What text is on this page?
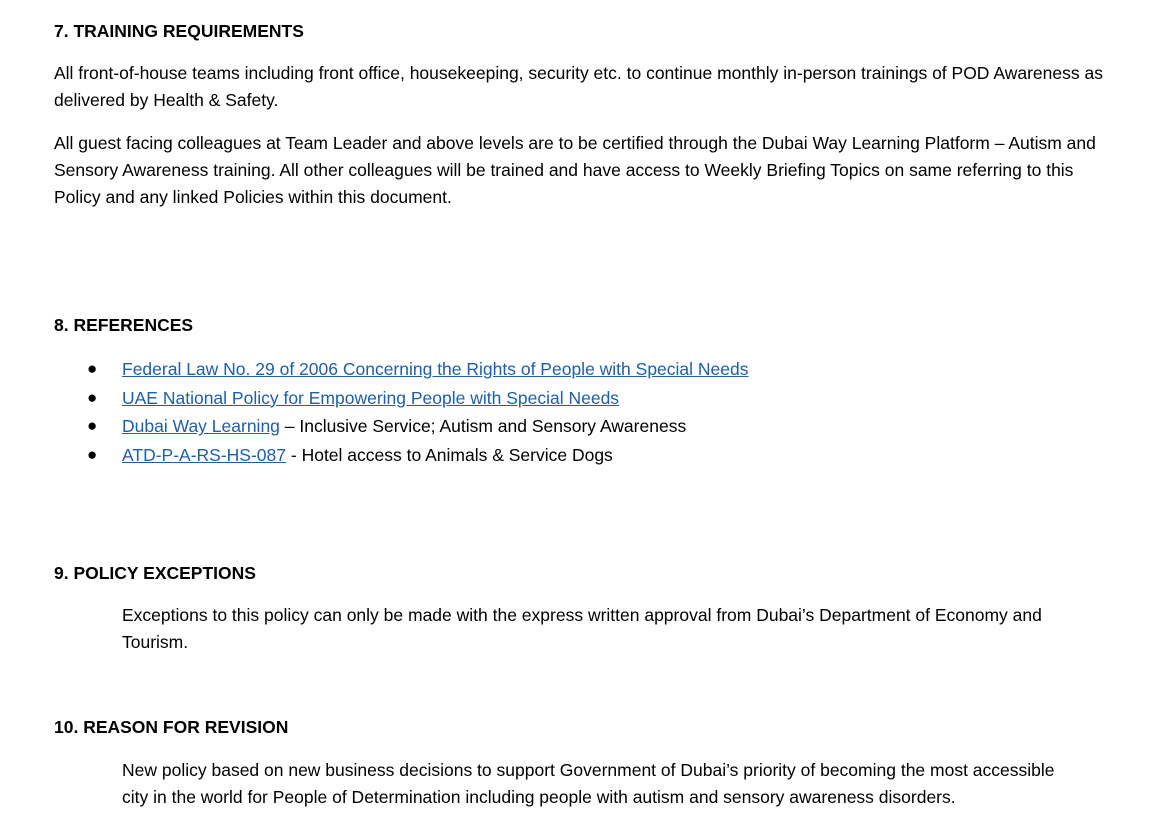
7. TRAINING REQUIREMENTS

All front-of-house teams including front office, housekeeping, security etc. to continue monthly in-person trainings of POD Awareness as delivered by Health & Safety.

All guest facing colleagues at Team Leader and above levels are to be certified through the Dubai Way Learning Platform – Autism and Sensory Awareness training. All other colleagues will be trained and have access to Weekly Briefing Topics on same referring to this Policy and any linked Policies within this document.

8. REFERENCES
● Federal Law No. 29 of 2006 Concerning the Rights of People with Special Needs
● UAE National Policy for Empowering People with Special Needs
● Dubai Way Learning – Inclusive Service; Autism and Sensory Awareness
● ATD-P-A-RS-HS-087 - Hotel access to Animals & Service Dogs
9. POLICY EXCEPTIONS

Exceptions to this policy can only be made with the express written approval from Dubai’s Department of Economy and Tourism.

10. REASON FOR REVISION

New policy based on new business decisions to support Government of Dubai’s priority of becoming the most accessible city in the world for People of Determination including people with autism and sensory awareness disorders.
